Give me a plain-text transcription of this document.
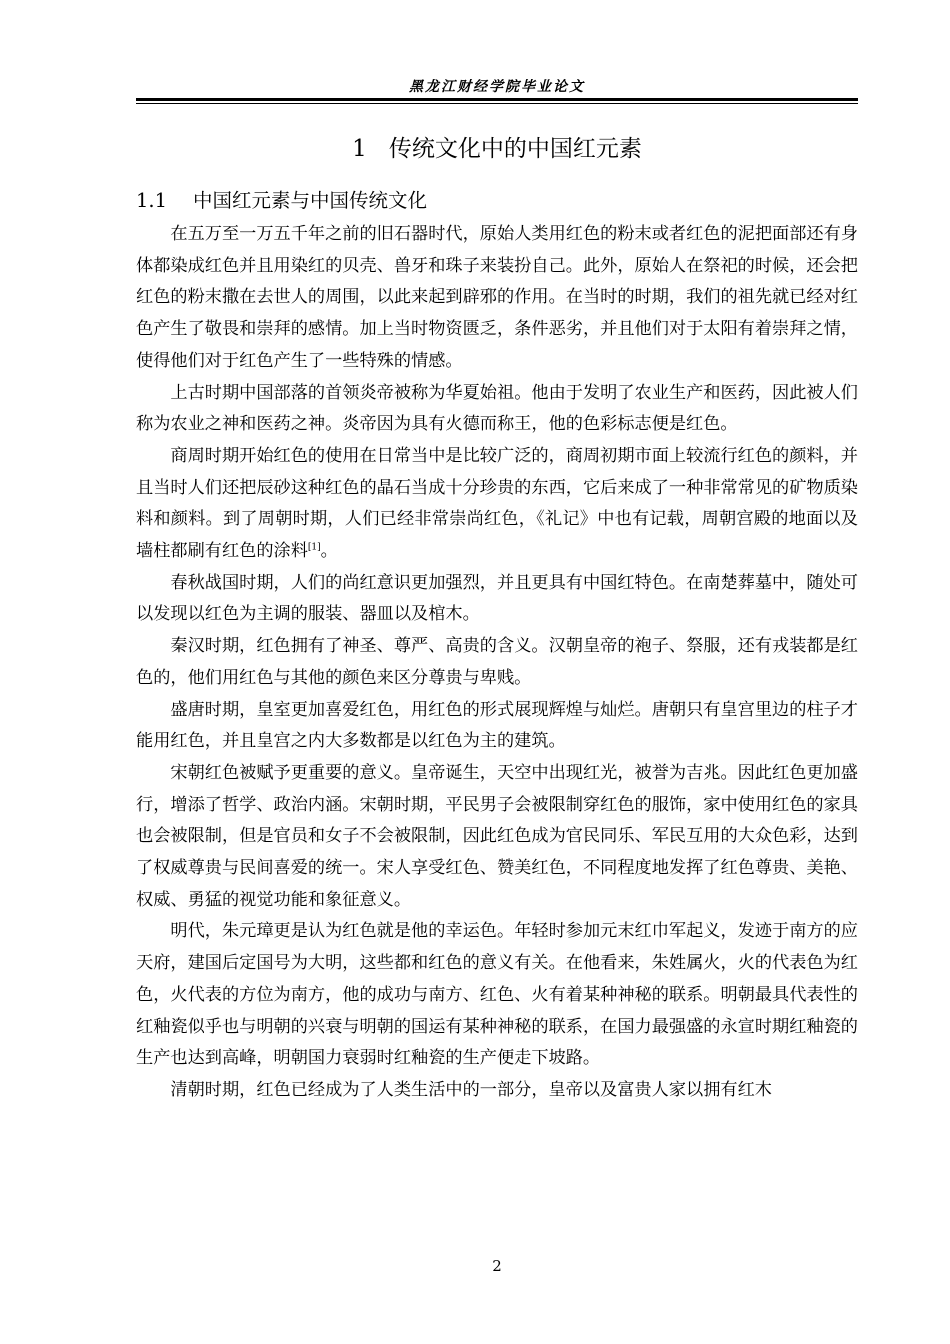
黑龙江财经学院毕业论文
1 传统文化中的中国红元素
1.1 中国红元素与中国传统文化

在五万至一万五千年之前的旧石器时代，原始人类用红色的粉末或者红色的泥把面部还有身体都染成红色并且用染红的贝壳、兽牙和珠子来装扮自己。此外，原始人在祭祀的时候，还会把红色的粉末撒在去世人的周围，以此来起到辟邪的作用。在当时的时期，我们的祖先就已经对红色产生了敬畏和崇拜的感情。加上当时物资匮乏，条件恶劣，并且他们对于太阳有着崇拜之情，使得他们对于红色产生了一些特殊的情感。

上古时期中国部落的首领炎帝被称为华夏始祖。他由于发明了农业生产和医药，因此被人们称为农业之神和医药之神。炎帝因为具有火德而称王，他的色彩标志便是红色。

商周时期开始红色的使用在日常当中是比较广泛的，商周初期市面上较流行红色的颜料，并且当时人们还把辰砂这种红色的晶石当成十分珍贵的东西，它后来成了一种非常常见的矿物质染料和颜料。到了周朝时期，人们已经非常崇尚红色，《礼记》中也有记载，周朝宫殿的地面以及墙柱都刷有红色的涂料[1]。

春秋战国时期，人们的尚红意识更加强烈，并且更具有中国红特色。在南楚葬墓中，随处可以发现以红色为主调的服装、器皿以及棺木。

秦汉时期，红色拥有了神圣、尊严、高贵的含义。汉朝皇帝的袍子、祭服，还有戎装都是红色的，他们用红色与其他的颜色来区分尊贵与卑贱。

盛唐时期，皇室更加喜爱红色，用红色的形式展现辉煌与灿烂。唐朝只有皇宫里边的柱子才能用红色，并且皇宫之内大多数都是以红色为主的建筑。

宋朝红色被赋予更重要的意义。皇帝诞生，天空中出现红光，被誉为吉兆。因此红色更加盛行，增添了哲学、政治内涵。宋朝时期，平民男子会被限制穿红色的服饰，家中使用红色的家具也会被限制，但是官员和女子不会被限制，因此红色成为官民同乐、军民互用的大众色彩，达到了权威尊贵与民间喜爱的统一。宋人享受红色、赞美红色，不同程度地发挥了红色尊贵、美艳、权威、勇猛的视觉功能和象征意义。

明代，朱元璋更是认为红色就是他的幸运色。年轻时参加元末红巾军起义，发迹于南方的应天府，建国后定国号为大明，这些都和红色的意义有关。在他看来，朱姓属火，火的代表色为红色，火代表的方位为南方，他的成功与南方、红色、火有着某种神秘的联系。明朝最具代表性的红釉瓷似乎也与明朝的兴衰与明朝的国运有某种神秘的联系，在国力最强盛的永宣时期红釉瓷的生产也达到高峰，明朝国力衰弱时红釉瓷的生产便走下坡路。

清朝时期，红色已经成为了人类生活中的一部分，皇帝以及富贵人家以拥有红木

2
